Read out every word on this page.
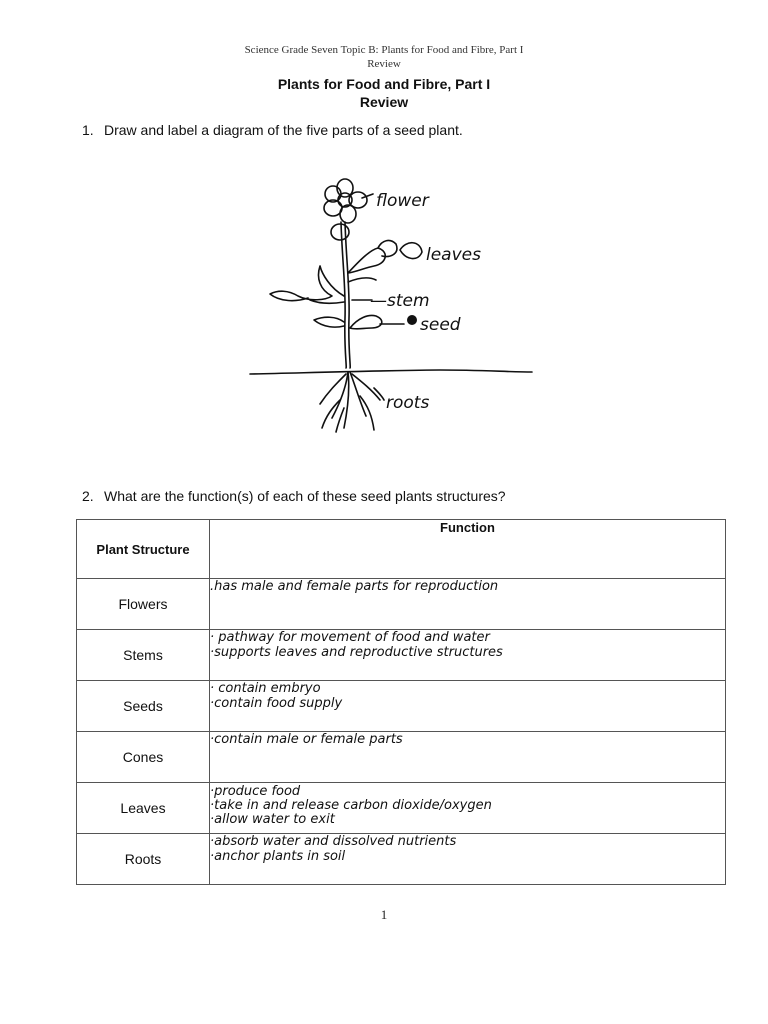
Science Grade Seven Topic B: Plants for Food and Fibre, Part I
Review
Plants for Food and Fibre, Part I
Review
1. Draw and label a diagram of the five parts of a seed plant.
flower
leaves
—stem
seed
roots
2. What are the function(s) of each of these seed plants structures?
Plant Structure	Function
Flowers	.has male and female parts for reproduction

Stems	· pathway for movement of food and water
·supports leaves and reproductive structures

Seeds	· contain embryo
·contain food supply

Cones	·contain male or female parts

Leaves	·produce food
·take in and release carbon dioxide/oxygen
·allow water to exit

Roots	·absorb water and dissolved nutrients
·anchor plants in soil
1
